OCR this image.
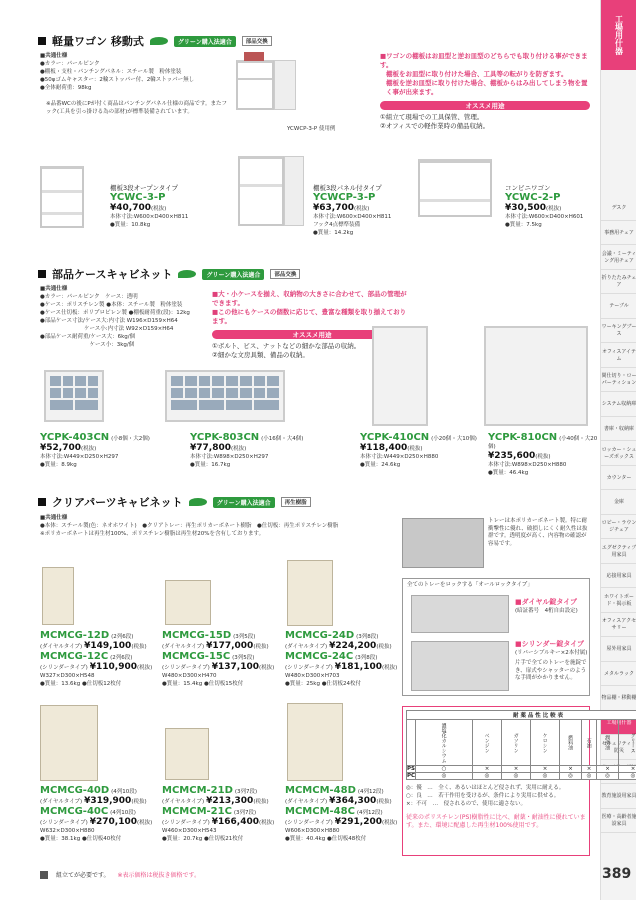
工場用什器
デスク
事務用チェア
会議・ミーティング用チェア
折りたたみチェア
テーブル
ワーキングブース
オフィスアイテム
間仕切り・ローパーティション
システム収納庫
書庫・収納庫
ロッカー・シューズボックス
カウンター
金庫
ロビー・ラウンジチェア
エグゼクティブ用家具
応接用家具
ホワイトボード・掲示板
オフィスアクセサリー
屋外用家具
メタルラック
物品棚・移動棚
工場用什器
セキュリティ・防災
寮・病院・福祉用家具
教育施設用家具
医療・高齢者施設家具
389
軽量ワゴン 移動式	グリーン購入法適合	部品交換
■共通仕様
●カラー：パールピンク
●棚板・支柱・パンチングパネル：スチール製　粉体塗装
●50φゴムキャスター：2輪ストッパー付、2輪ストッパー無し
●全体耐荷重：98kg
※品番WCの後にPが付く商品はパンチングパネル仕様の商品です。またフック(工具を引っ掛ける為の部材)が標準装備されています。
YCWCP-3-P 使用例
■ワゴンの棚板はお皿型と逆お皿型のどちらでも取り付ける事ができます。
棚板をお皿型に取り付けた場合、工具等の転がりを防ぎます。
棚板を逆お皿型に取り付けた場合、棚板からはみ出してしまう物を置く事が出来ます。
オススメ用途
①組立て現場での工具保管、管理。
②オフィスでの軽作業時の備品収納。
棚板3段オープンタイプ
YCWC-3-P
¥40,700(税抜)
本体寸法:W600×D400×H811
●質量：10.8kg
棚板3段パネル付タイプ
YCWCP-3-P
¥63,700(税抜)
本体寸法:W600×D400×H811
フック4点標準装備
●質量：14.2kg
コンビニワゴン
YCWC-2-P
¥30,500(税抜)
本体寸法:W600×D400×H601
●質量：7.5kg
部品ケースキャビネット	グリーン購入法適合	部品交換
■共通仕様
●カラー：パールピンク　ケース：透明
●ケース：ポリスチレン製 ●本体：スチール製　粉体塗装
●ケース仕切板：ポリプロピレン製 ●棚板耐荷重(段)：12kg
●部品ケース寸法/ケース大:内寸法 W196×D159×H64
　　　　　　　　ケース小:内寸法 W92×D159×H64
●部品ケース耐荷重/ケース大：6kg/個
　　　　　　　　　ケース小：3kg/個
■大・小ケースを揃え、収納物の大きさに合わせて、部品の管理ができます。
■この他にもケースの個数に応じて、豊富な種類を取り揃えております。
オススメ用途
①ボルト、ビス、ナットなどの細かな部品の収納。
②細かな文房具類、備品の収納。
YCPK-403CN (小8個・大2個)
¥52,700(税抜)
本体寸法:W449×D250×H297
●質量：8.9kg
YCPK-803CN (小16個・大4個)
¥77,800(税抜)
本体寸法:W898×D250×H297
●質量：16.7kg
YCPK-410CN (小20個・大10個)
¥118,400(税抜)
本体寸法:W449×D250×H880
●質量：24.6kg
YCPK-810CN (小40個・大20個)
¥235,600(税抜)
本体寸法:W898×D250×H880
●質量：46.4kg
クリアパーツキャビネット	グリーン購入法適合	再生樹脂
■共通仕様
●本体：スチール製(色：ネオホワイト)　●クリアトレー：再生ポリカーボネート樹脂　●仕切板：再生ポリスチレン樹脂
※ポリカーボネートは再生材100%、ポリスチレン樹脂は再生材20%を含有しております。
トレーは本ポリカーボネート製。特に耐衝撃性に優れ、破損しにくく耐久性は抜群です。透明度が高く、内容物の確認が容易です。
全てのトレーをロックする「オールロックタイプ」
■ダイヤル錠タイプ
(暗証番号　4桁自由設定)
■シリンダー錠タイプ
(リバーシブルキー×2本付属)
片手で全てのトレーを施錠でき、扉式やシャッターのような手間がかかりません。
MCMCG-12D (2列6段)
(ダイヤルタイプ) ¥149,100(税抜)
MCMCG-12C (2列6段)
(シリンダータイプ) ¥110,900(税抜)
W327×D300×H548
●質量：13.6kg ●仕切板12枚付
MCMCG-15D (3列5段)
(ダイヤルタイプ) ¥177,000(税抜)
MCMCG-15C (3列5段)
(シリンダータイプ) ¥137,100(税抜)
W480×D300×H470
●質量：15.4kg ●仕切板15枚付
MCMCG-24D (3列8段)
(ダイヤルタイプ) ¥224,200(税抜)
MCMCG-24C (3列8段)
(シリンダータイプ) ¥181,100(税抜)
W480×D300×H703
●質量：25kg ●仕切板24枚付
MCMCG-40D (4列10段)
(ダイヤルタイプ) ¥319,900(税抜)
MCMCG-40C (4列10段)
(シリンダータイプ) ¥270,100(税抜)
W632×D300×H880
●質量：38.1kg ●仕切板40枚付
MCMCM-21D (3列7段)
(ダイヤルタイプ) ¥213,300(税抜)
MCMCM-21C (3列7段)
(シリンダータイプ) ¥166,400(税抜)
W460×D300×H543
●質量：20.7kg ●仕切板21枚付
MCMCM-48D (4列12段)
(ダイヤルタイプ) ¥364,300(税抜)
MCMCM-48C (4列12段)
(シリンダータイプ) ¥291,200(税抜)
W606×D300×H880
●質量：40.4kg ●仕切板48枚付
耐 薬 品 性 比 較 表									
	濃塩化カルシウム	ベンジン	ガソリン	ケロシン	燃料油	石油	潤滑油	グリース	
PS	○	×	×	×	×	×	×	×	
PC	◎	◎	◎	◎	◎	◎	◎	◎	
◎：優　…　全く、あるいはほとんど侵されず、実用に耐える。
○：良　…　若干作用を受けるが、条件により実用に供せる。
×：不可　…　侵されるので、使用に適さない。
従来のポリスチレン(PS)樹脂性に比べ、耐薬・耐油性に優れています。また、環境に配慮した再生材100%使用です。
組立てが必要です。 ※表示価格は税抜き価格です。
